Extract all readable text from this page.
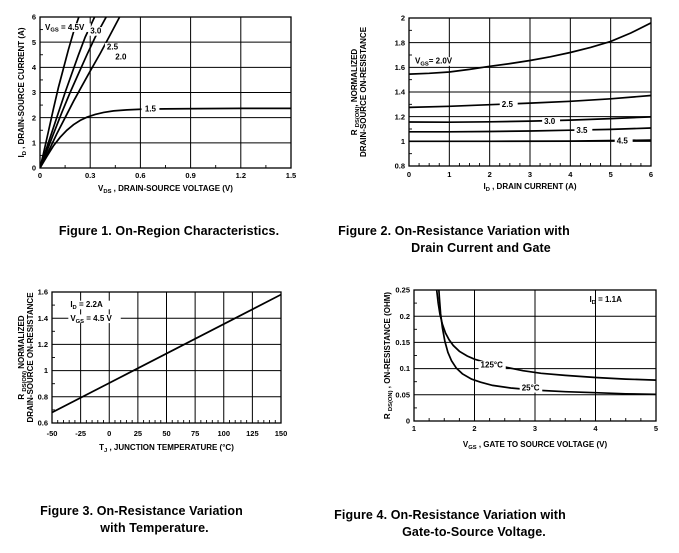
$V_{GS} = 4.5V$ 3.0
2.5
2.0
1.5
0	0.3	0.6	0.9	1.2	1.5
0
1
2
3
4
5
6
$V_{DS}$ , DRAIN-SOURCE VOLTAGE (V)
$I_D$ , DRAIN-SOURCE CURRENT (A)	$V_{GS}= 2.0V$
2.5
3.0
3.5
4.5
0	1	2	3	4	5	6
0.8
1
1.2
1.4
1.6
1.8
2
$I_D$ , DRAIN CURRENT (A)
R $_{DS(ON)}$, NORMALIZED DRAIN-SOURCE ON-RESISTANCE
$I_D = 2.2A$
$V_{GS} = 4.5$ V
-50 -25	0	25	50	75 100 125 150
0.6
0.8
1
1.2
1.4
1.6
$T_J$ , JUNCTION TEMPERATURE (°C)
R $_{DS(ON)}$ NORMALIZED DRAIN-SOURCE ON-RESISTANCE	125°C
25°C
$I_D = 1.1A$
1	2	3	4	5
0
0.05
0.1
0.15
0.2
0.25
$V_{GS}$ , GATE TO SOURCE VOLTAGE (V)
R $_{DS(ON)}$ , ON-RESISTANCE (OHM)
Figure 1. On-Region Characteristics.	Figure 2. On-Resistance Variation with
Drain Current and Gate
Figure 3. On-Resistance Variation
with Temperature.
Figure 4. On-Resistance Variation with
Gate-to-Source Voltage.
